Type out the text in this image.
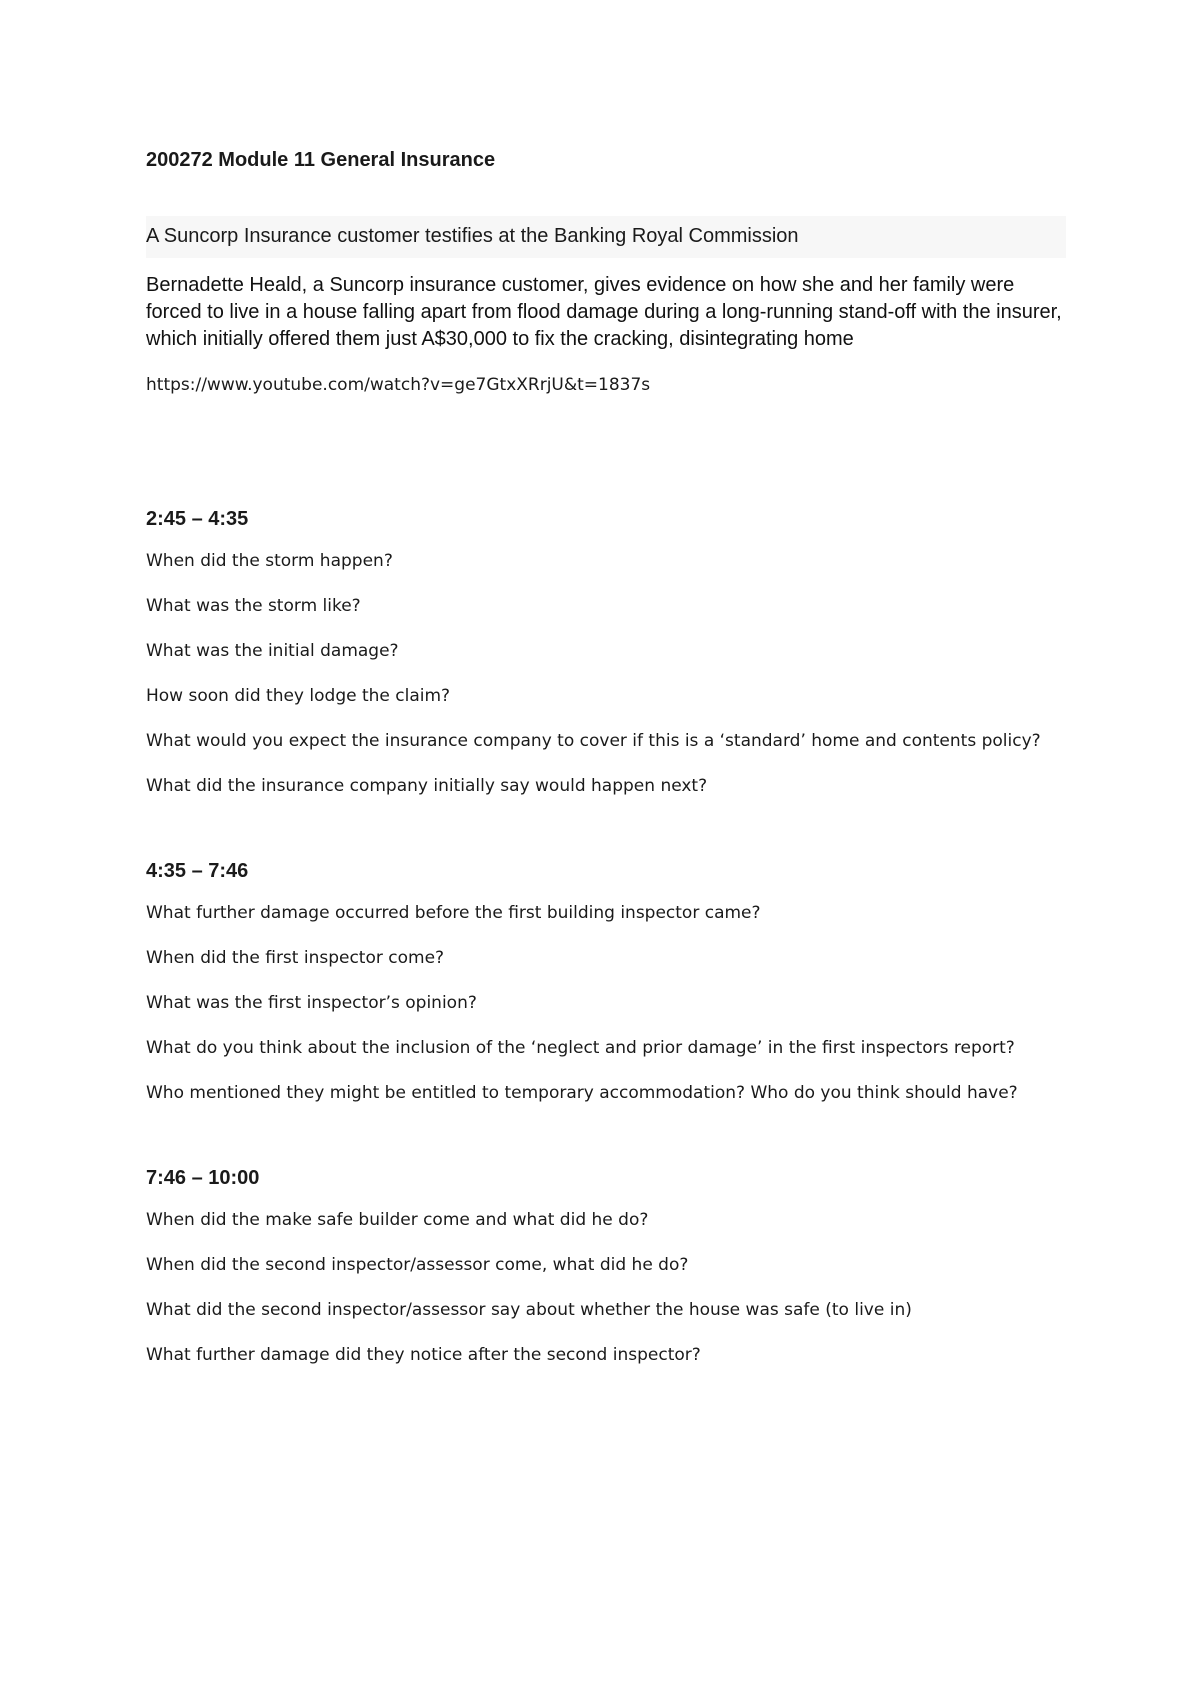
200272 Module 11 General Insurance
A Suncorp Insurance customer testifies at the Banking Royal Commission
Bernadette Heald, a Suncorp insurance customer, gives evidence on how she and her family were forced to live in a house falling apart from flood damage during a long-running stand-off with the insurer, which initially offered them just A$30,000 to fix the cracking, disintegrating home
https://www.youtube.com/watch?v=ge7GtxXRrjU&t=1837s
2:45 – 4:35

When did the storm happen?

What was the storm like?

What was the initial damage?

How soon did they lodge the claim?

What would you expect the insurance company to cover if this is a ‘standard’ home and contents policy?

What did the insurance company initially say would happen next?

4:35 – 7:46

What further damage occurred before the first building inspector came?

When did the first inspector come?

What was the first inspector’s opinion?

What do you think about the inclusion of the ‘neglect and prior damage’ in the first inspectors report?

Who mentioned they might be entitled to temporary accommodation? Who do you think should have?

7:46 – 10:00

When did the make safe builder come and what did he do?

When did the second inspector/assessor come, what did he do?

What did the second inspector/assessor say about whether the house was safe (to live in)

What further damage did they notice after the second inspector?
